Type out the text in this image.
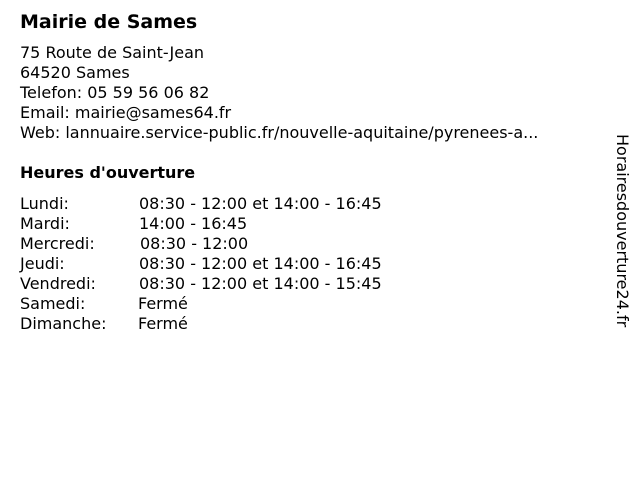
Mairie de Sames
75 Route de Saint-Jean
64520 Sames
Telefon: 05 59 56 06 82
Email: mairie@sames64.fr
Web: lannuaire.service-public.fr/nouvelle-aquitaine/pyrenees-a...
Heures d'ouverture
Lundi:	08:30 - 12:00 et 14:00 - 16:45
Mardi:	14:00 - 16:45
Mercredi:	08:30 - 12:00
Jeudi:	08:30 - 12:00 et 14:00 - 16:45
Vendredi:	08:30 - 12:00 et 14:00 - 15:45
Samedi:	Fermé
Dimanche: Fermé	Horairesdouverture24.fr
